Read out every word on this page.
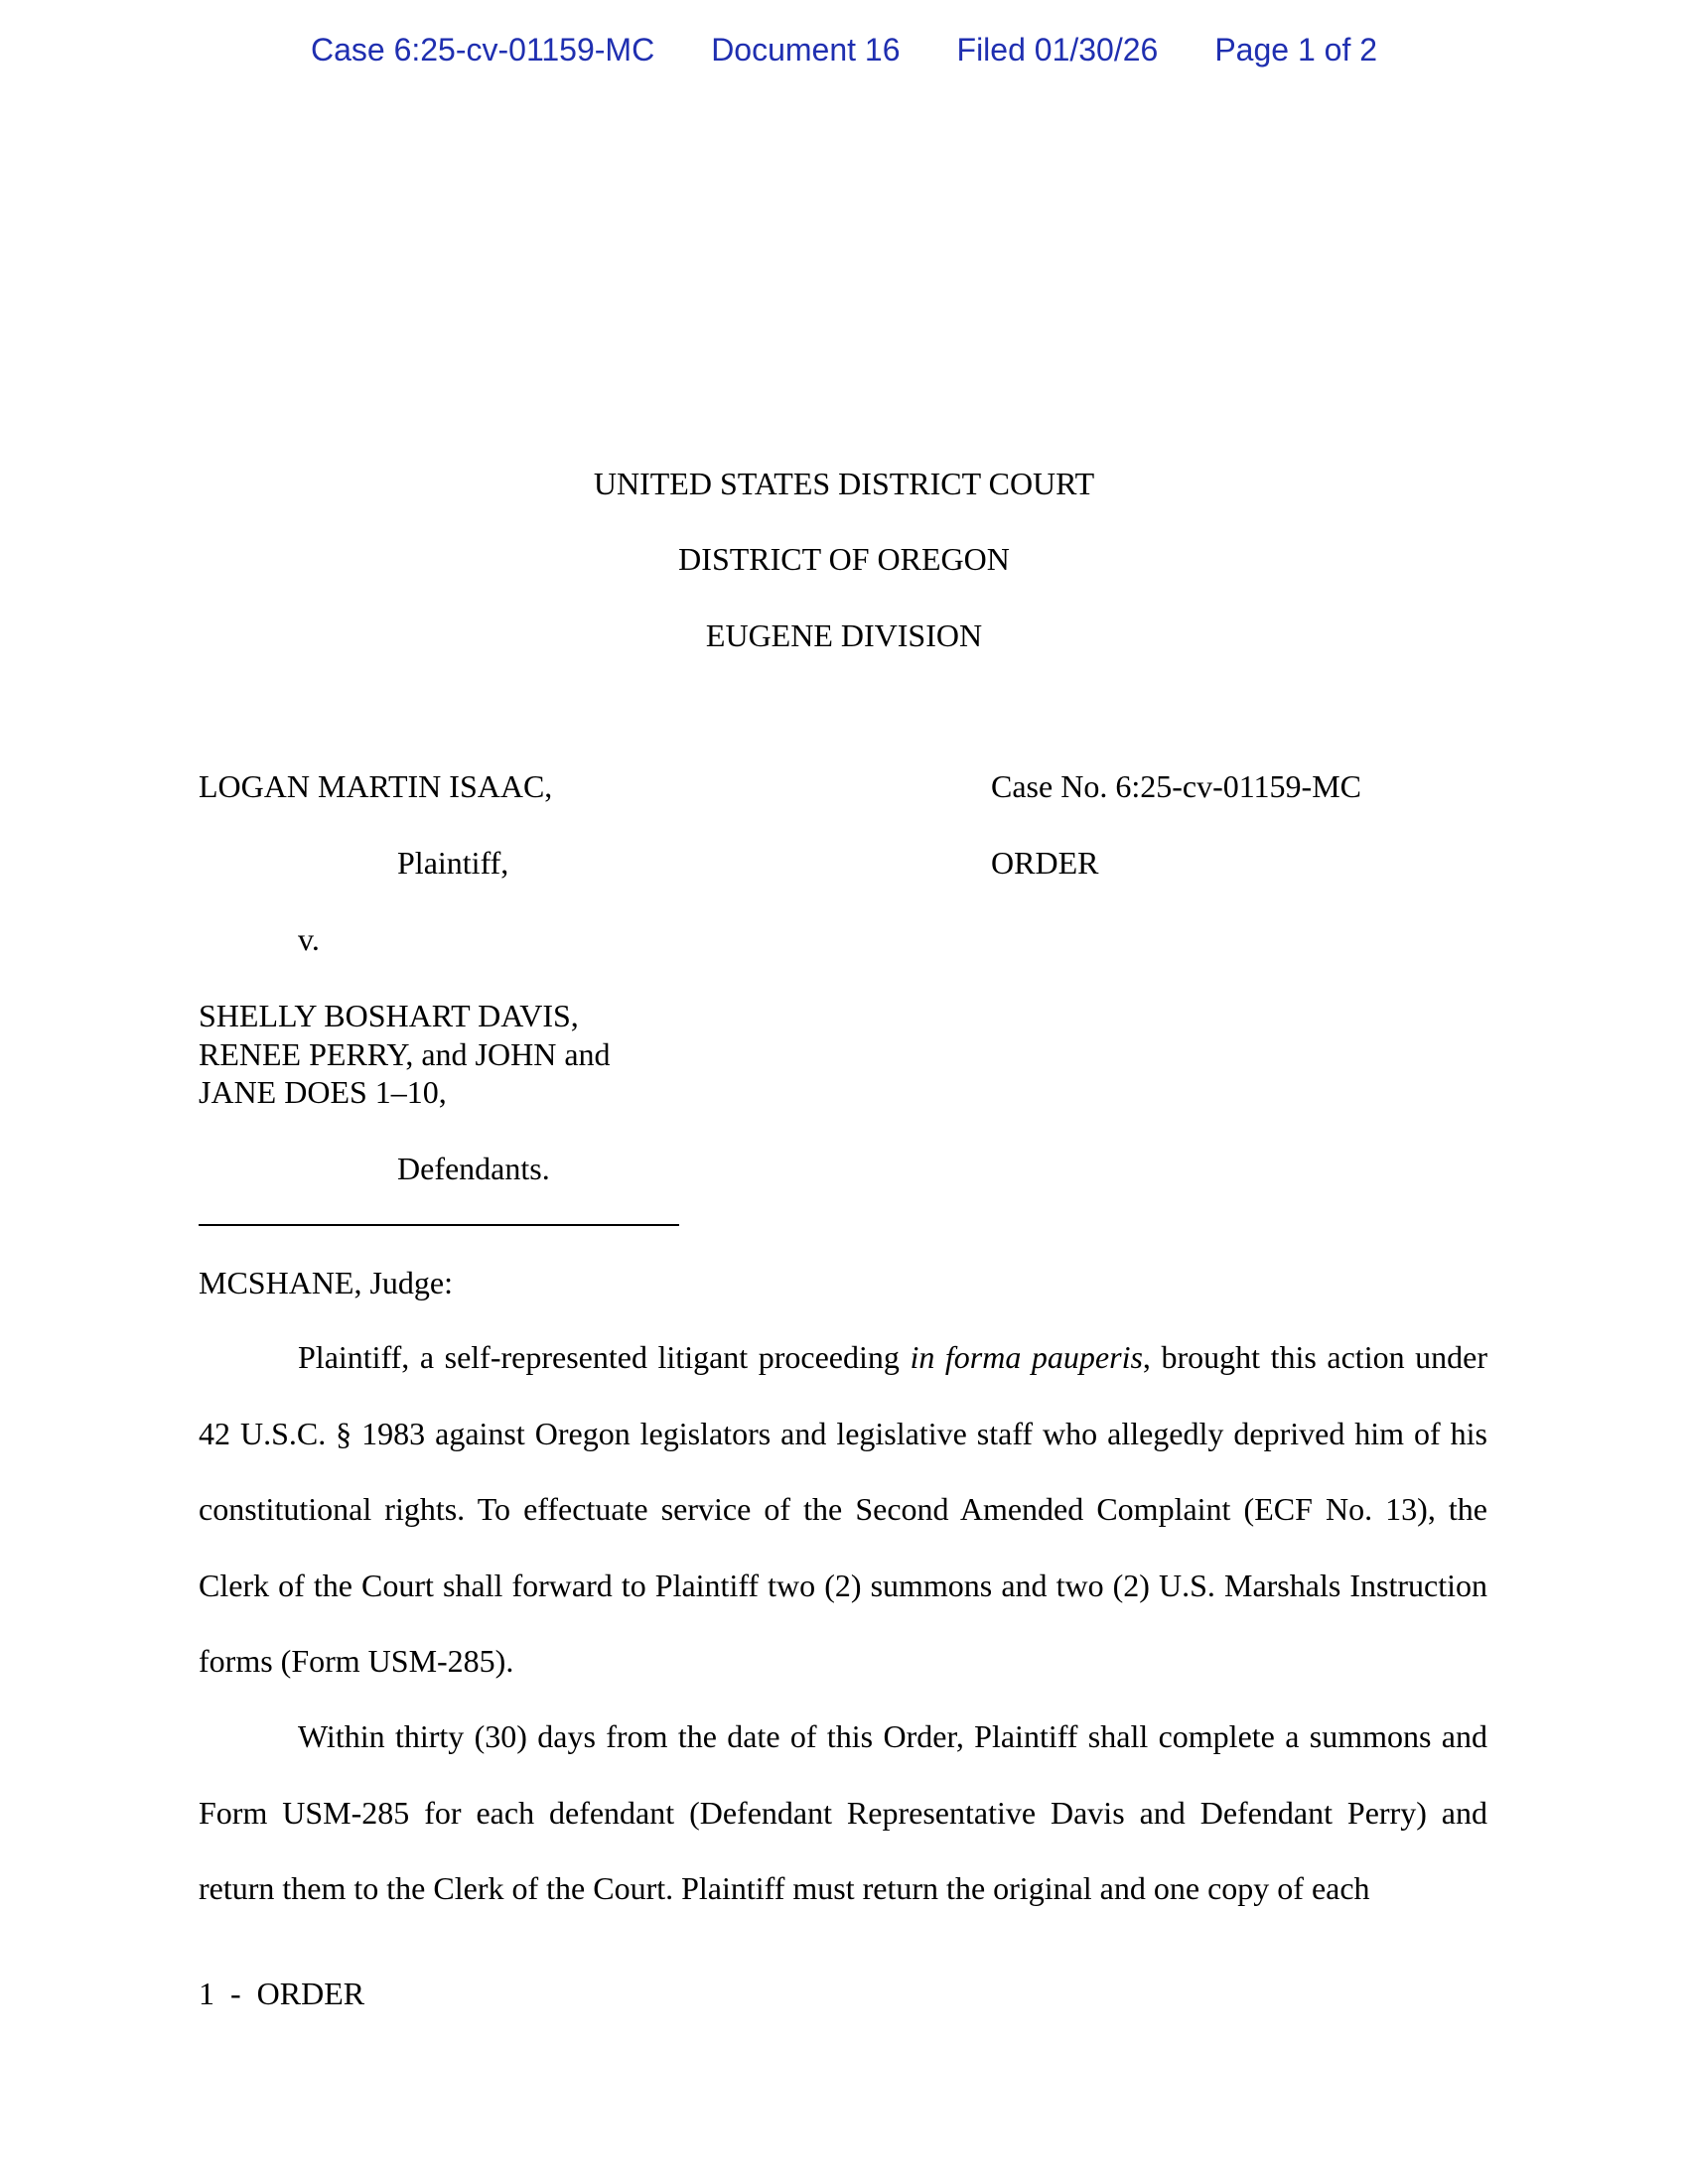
Case 6:25-cv-01159-MC Document 16 Filed 01/30/26 Page 1 of 2
UNITED STATES DISTRICT COURT
DISTRICT OF OREGON
EUGENE DIVISION
LOGAN MARTIN ISAAC,
Plaintiff,
v.
SHELLY BOSHART DAVIS,
RENEE PERRY, and JOHN and
JANE DOES 1–10,
Defendants.
Case No. 6:25-cv-01159-MC
ORDER
MCSHANE, Judge:

Plaintiff, a self-represented litigant proceeding in forma pauperis, brought this action under 42 U.S.C. § 1983 against Oregon legislators and legislative staff who allegedly deprived him of his constitutional rights. To effectuate service of the Second Amended Complaint (ECF No. 13), the Clerk of the Court shall forward to Plaintiff two (2) summons and two (2) U.S. Marshals Instruction forms (Form USM-285).

Within thirty (30) days from the date of this Order, Plaintiff shall complete a summons and Form USM-285 for each defendant (Defendant Representative Davis and Defendant Perry) and return them to the Clerk of the Court. Plaintiff must return the original and one copy of each

1  -  ORDER
